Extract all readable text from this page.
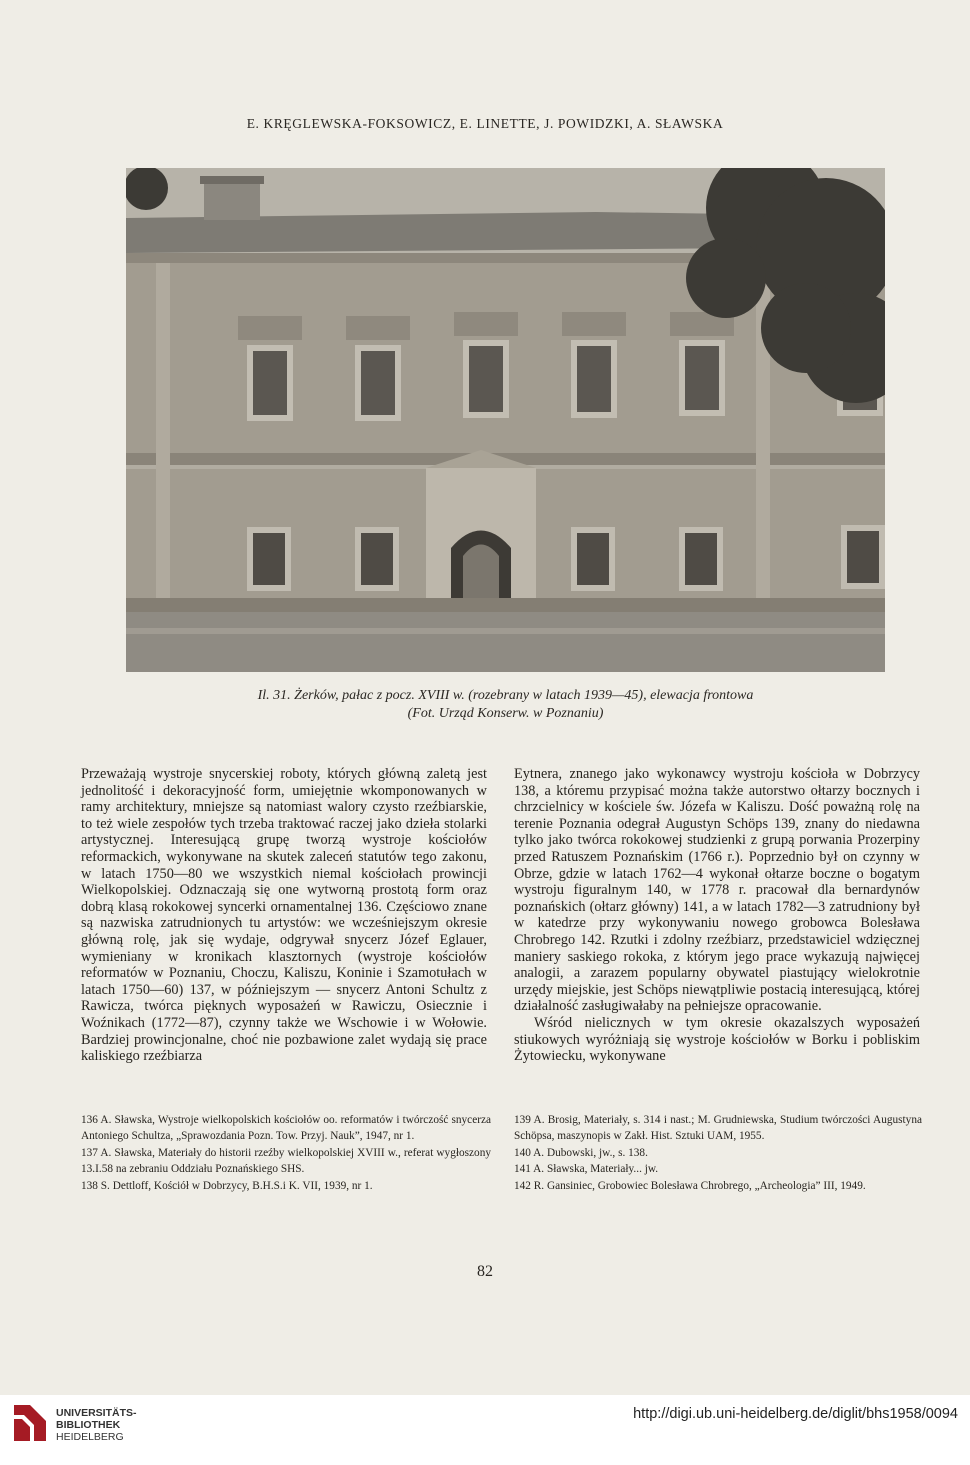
E. KRĘGLEWSKA-FOKSOWICZ, E. LINETTE, J. POWIDZKI, A. SŁAWSKA
Il. 31. Żerków, pałac z pocz. XVIII w. (rozebrany w latach 1939—45), elewacja frontowa
(Fot. Urząd Konserw. w Poznaniu)

Przeważają wystroje snycerskiej roboty, których główną zaletą jest jednolitość i dekoracyjność form, umiejętnie wkomponowanych w ramy architektury, mniejsze są natomiast walory czysto rzeźbiarskie, to też wiele zespołów tych trzeba traktować raczej jako dzieła stolarki artystycznej. Interesującą grupę tworzą wystroje kościołów reformackich, wykonywane na skutek zaleceń statutów tego zakonu, w latach 1750—80 we wszystkich niemal kościołach prowincji Wielkopolskiej. Odznaczają się one wytworną prostotą form oraz dobrą klasą rokokowej syncerki ornamentalnej 136. Częściowo znane są nazwiska zatrudnionych tu artystów: we wcześniejszym okresie główną rolę, jak się wydaje, odgrywał snycerz Józef Eglauer, wymieniany w kronikach klasztornych (wystroje kościołów reformatów w Poznaniu, Choczu, Kaliszu, Koninie i Szamotułach w latach 1750—60) 137, w późniejszym — snycerz Antoni Schultz z Rawicza, twórca pięknych wyposażeń w Rawiczu, Osiecznie i Woźnikach (1772—87), czynny także we Wschowie i w Wołowie. Bardziej prowincjonalne, choć nie pozbawione zalet wydają się prace kaliskiego rzeźbiarza

Eytnera, znanego jako wykonawcy wystroju kościoła w Dobrzycy 138, a któremu przypisać można także autorstwo ołtarzy bocznych i chrzcielnicy w kościele św. Józefa w Kaliszu. Dość poważną rolę na terenie Poznania odegrał Augustyn Schöps 139, znany do niedawna tylko jako twórca rokokowej studzienki z grupą porwania Prozerpiny przed Ratuszem Poznańskim (1766 r.). Poprzednio był on czynny w Obrze, gdzie w latach 1762—4 wykonał ołtarze boczne o bogatym wystroju figuralnym 140, w 1778 r. pracował dla bernardynów poznańskich (ołtarz główny) 141, a w latach 1782—3 zatrudniony był w katedrze przy wykonywaniu nowego grobowca Bolesława Chrobrego 142. Rzutki i zdolny rzeźbiarz, przedstawiciel wdzięcznej maniery saskiego rokoka, z którym jego prace wykazują najwięcej analogii, a zarazem popularny obywatel piastujący wielokrotnie urzędy miejskie, jest Schöps niewątpliwie postacią interesującą, której działalność zasługiwałaby na pełniejsze opracowanie.

Wśród nielicznych w tym okresie okazalszych wyposażeń stiukowych wyróżniają się wystroje kościołów w Borku i pobliskim Żytowiecku, wykonywane

136 A. Sławska, Wystroje wielkopolskich kościołów oo. reformatów i twórczość snycerza Antoniego Schultza, „Sprawozdania Pozn. Tow. Przyj. Nauk”, 1947, nr 1.

137 A. Sławska, Materiały do historii rzeźby wielkopolskiej XVIII w., referat wygłoszony 13.I.58 na zebraniu Oddziału Poznańskiego SHS.

138 S. Dettloff, Kościół w Dobrzycy, B.H.S.i K. VII, 1939, nr 1.

139 A. Brosig, Materiały, s. 314 i nast.; M. Grudniewska, Studium twórczości Augustyna Schöpsa, maszynopis w Zakł. Hist. Sztuki UAM, 1955.

140 A. Dubowski, jw., s. 138.

141 A. Sławska, Materiały... jw.

142 R. Gansiniec, Grobowiec Bolesława Chrobrego, „Archeologia” III, 1949.

82
UNIVERSITÄTS-
BIBLIOTHEK
HEIDELBERG
http://digi.ub.uni-heidelberg.de/diglit/bhs1958/0094
